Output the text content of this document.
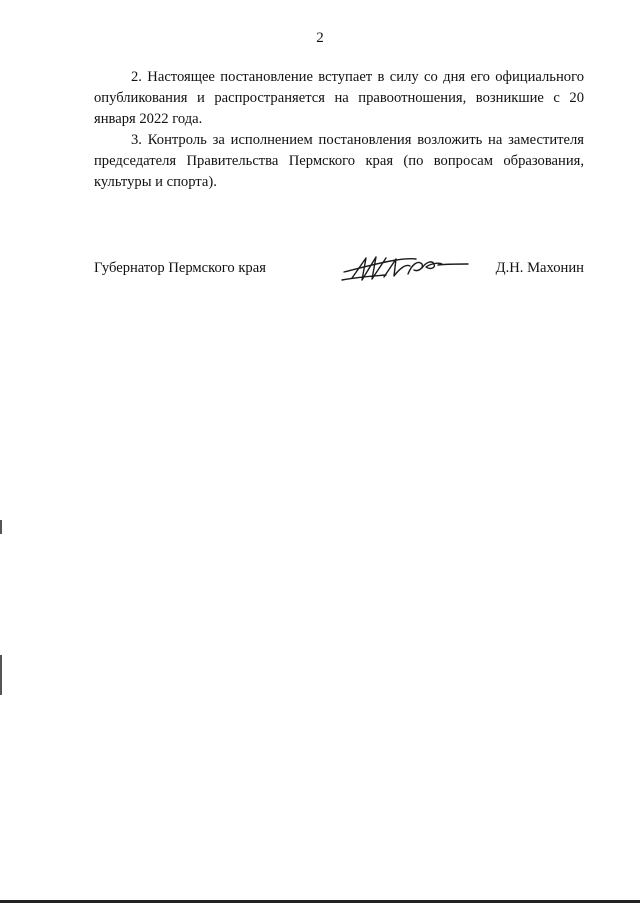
2

2. Настоящее постановление вступает в силу со дня его официального опубликования и распространяется на правоотношения, возникшие с 20 января 2022 года.

3. Контроль за исполнением постановления возложить на заместителя председателя Правительства Пермского края (по вопросам образования, культуры и спорта).

Губернатор Пермского края	Д.Н. Махонин
